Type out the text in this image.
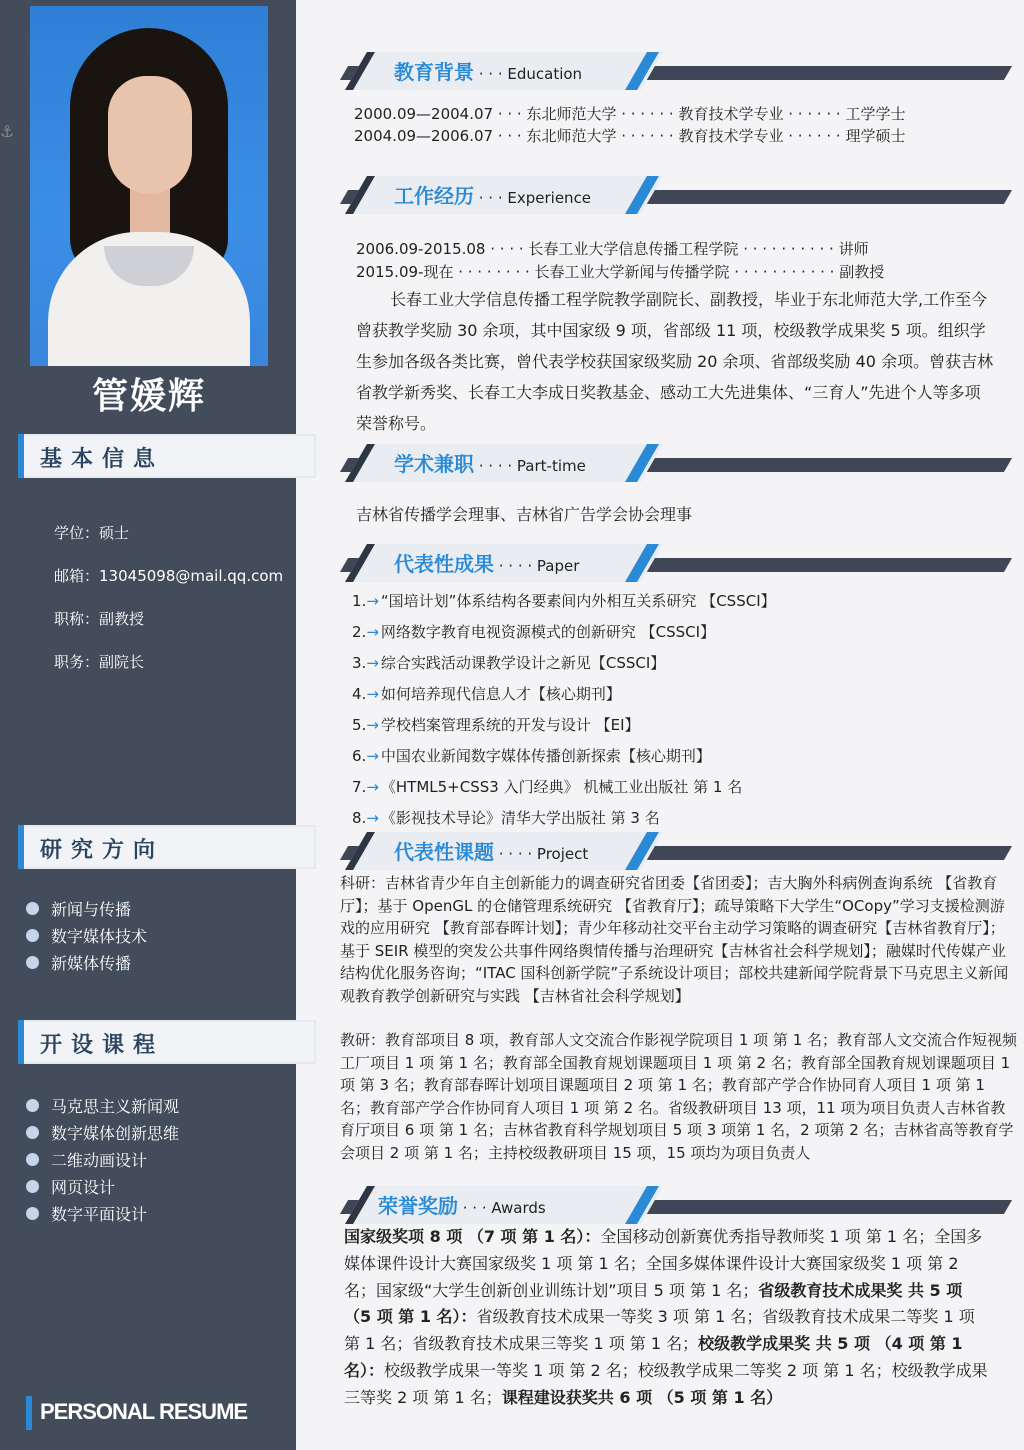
⚓
管媛辉
基本信息
学位：硕士
邮箱：13045098@mail.qq.com
职称：副教授
职务：副院长
研究方向
新闻与传播
数字媒体技术
新媒体传播
开设课程
马克思主义新闻观
数字媒体创新思维
二维动画设计
网页设计
数字平面设计
PERSONAL RESUME
教育背景 · · · Education
2000.09—2004.07 · · · 东北师范大学 · · · · · · 教育技术学专业 · · · · · · 工学学士
2004.09—2006.07 · · · 东北师范大学 · · · · · · 教育技术学专业 · · · · · · 理学硕士
工作经历 · · · Experience
2006.09-2015.08 · · · · 长春工业大学信息传播工程学院 · · · · · · · · · · 讲师
2015.09-现在 · · · · · · · · 长春工业大学新闻与传播学院 · · · · · · · · · · · 副教授
长春工业大学信息传播工程学院教学副院长、副教授，毕业于东北师范大学,工作至今曾获教学奖励 30 余项，其中国家级 9 项，省部级 11 项，校级教学成果奖 5 项。组织学生参加各级各类比赛，曾代表学校获国家级奖励 20 余项、省部级奖励 40 余项。曾获吉林省教学新秀奖、长春工大李成日奖教基金、感动工大先进集体、“三育人”先进个人等多项荣誉称号。
学术兼职 · · · · Part-time
吉林省传播学会理事、吉林省广告学会协会理事
代表性成果 · · · · Paper
1.→ “国培计划”体系结构各要素间内外相互关系研究 【CSSCI】
2.→ 网络数字教育电视资源模式的创新研究 【CSSCI】
3.→ 综合实践活动课教学设计之新见【CSSCI】
4.→ 如何培养现代信息人才【核心期刊】
5.→ 学校档案管理系统的开发与设计 【EI】
6.→ 中国农业新闻数字媒体传播创新探索【核心期刊】
7.→ 《HTML5+CSS3 入门经典》 机械工业出版社 第 1 名
8.→ 《影视技术导论》清华大学出版社 第 3 名
代表性课题 · · · · Project
科研：吉林省青少年自主创新能力的调查研究省团委【省团委】；吉大胸外科病例查询系统 【省教育厅】；基于 OpenGL 的仓储管理系统研究 【省教育厅】；疏导策略下大学生“OCopy”学习支援检测游戏的应用研究 【教育部春晖计划】；青少年移动社交平台主动学习策略的调查研究【吉林省教育厅】；基于 SEIR 模型的突发公共事件网络舆情传播与治理研究【吉林省社会科学规划】；融媒时代传媒产业结构优化服务咨询；“ITAC 国科创新学院”子系统设计项目；部校共建新闻学院背景下马克思主义新闻观教育教学创新研究与实践 【吉林省社会科学规划】
教研：教育部项目 8 项，教育部人文交流合作影视学院项目 1 项 第 1 名；教育部人文交流合作短视频工厂项目 1 项 第 1 名；教育部全国教育规划课题项目 1 项 第 2 名；教育部全国教育规划课题项目 1 项 第 3 名；教育部春晖计划项目课题项目 2 项 第 1 名；教育部产学合作协同育人项目 1 项 第 1 名；教育部产学合作协同育人项目 1 项 第 2 名。省级教研项目 13 项，11 项为项目负责人吉林省教育厅项目 6 项 第 1 名；吉林省教育科学规划项目 5 项 3 项第 1 名，2 项第 2 名；吉林省高等教育学会项目 2 项 第 1 名；主持校级教研项目 15 项，15 项均为项目负责人
荣誉奖励 · · · Awards
国家级奖项 8 项 （7 项 第 1 名）：全国移动创新赛优秀指导教师奖 1 项 第 1 名；全国多媒体课件设计大赛国家级奖 1 项 第 1 名；全国多媒体课件设计大赛国家级奖 1 项 第 2 名；国家级“大学生创新创业训练计划”项目 5 项 第 1 名；省级教育技术成果奖 共 5 项 （5 项 第 1 名）：省级教育技术成果一等奖 3 项 第 1 名；省级教育技术成果二等奖 1 项 第 1 名；省级教育技术成果三等奖 1 项 第 1 名；校级教学成果奖 共 5 项 （4 项 第 1 名）：校级教学成果一等奖 1 项 第 2 名；校级教学成果二等奖 2 项 第 1 名；校级教学成果三等奖 2 项 第 1 名；课程建设获奖共 6 项 （5 项 第 1 名）
